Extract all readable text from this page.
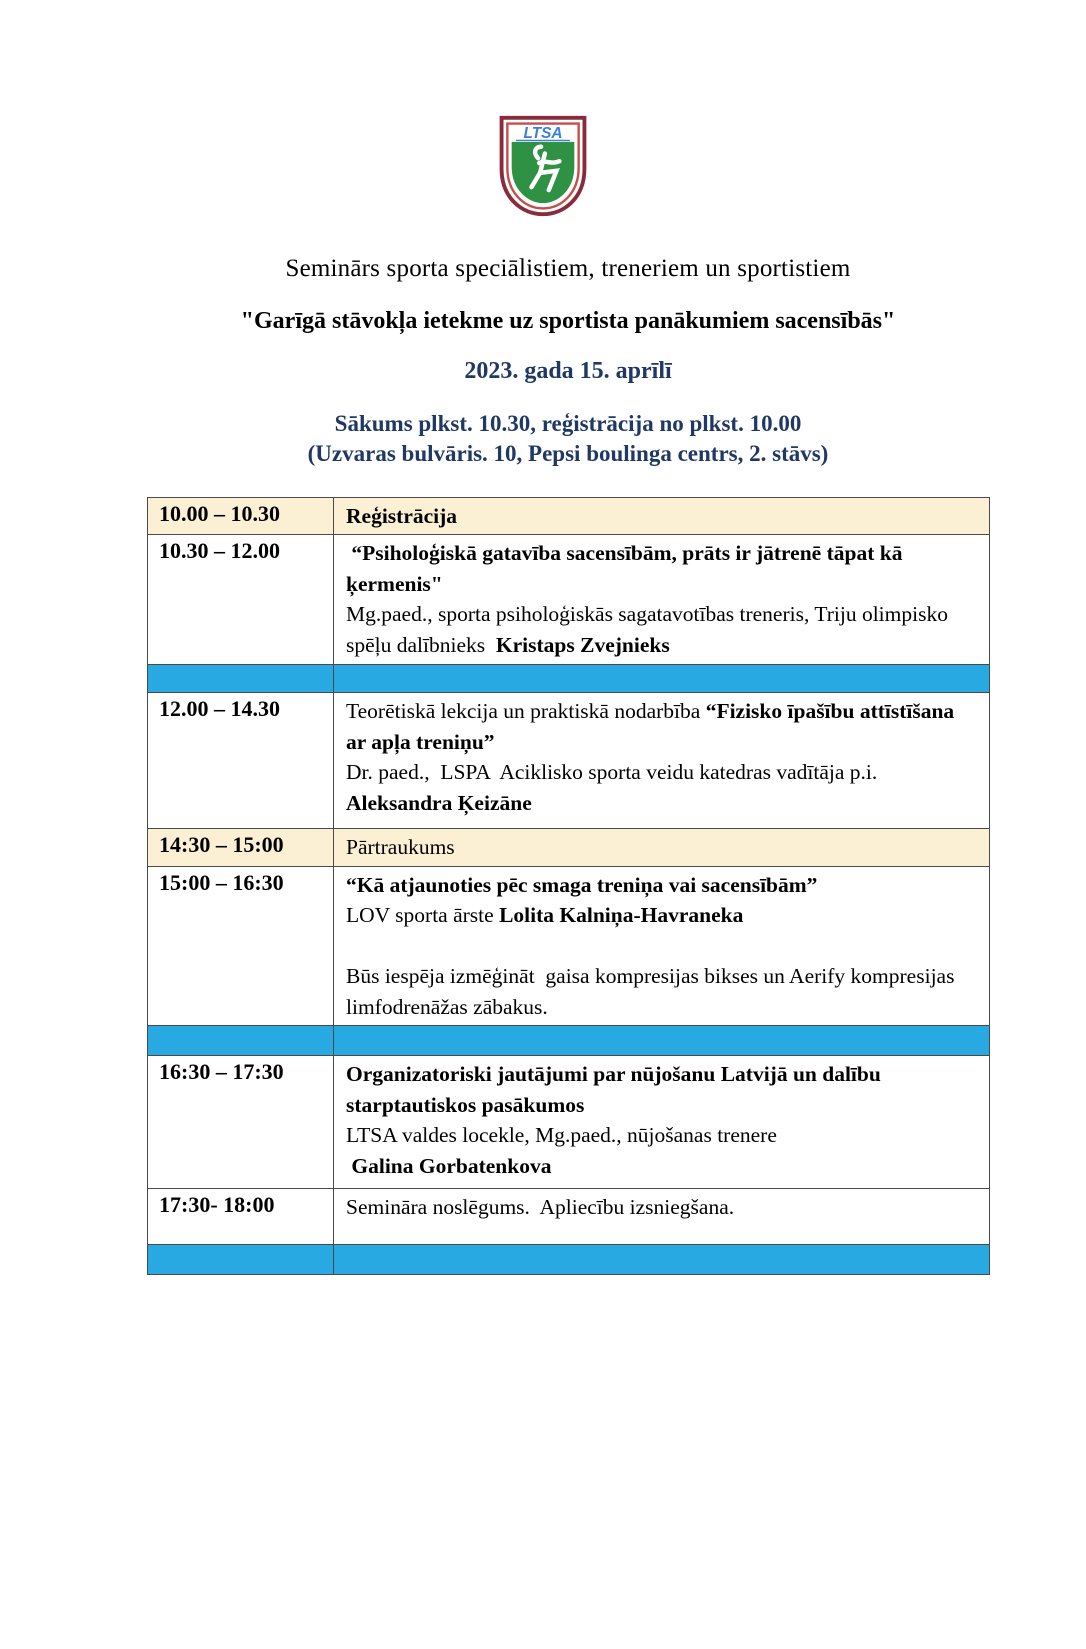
LTSA
Seminārs sporta speciālistiem, treneriem un sportistiem
"Garīgā stāvokļa ietekme uz sportista panākumiem sacensībās"
2023. gada 15. aprīlī
Sākums plkst. 10.30, reģistrācija no plkst. 10.00
(Uzvaras bulvāris. 10, Pepsi boulinga centrs, 2. stāvs)
10.00 – 10.30	Reģistrācija

10.30 – 12.00	“Psiholoģiskā gatavība sacensībām, prāts ir jātrenē tāpat kā ķermenis"

Mg.paed., sporta psiholoģiskās sagatavotības treneris, Triju olimpisko spēļu dalībnieks  Kristaps Zvejnieks

12.00 – 14.30	Teorētiskā lekcija un praktiskā nodarbība “Fizisko īpašību attīstīšana ar apļa treniņu”

Dr. paed.,  LSPA  Aciklisko sporta veidu katedras vadītāja p.i.

Aleksandra Ķeizāne

14:30 – 15:00	Pārtraukums

15:00 – 16:30	“Kā atjaunoties pēc smaga treniņa vai sacensībām”

LOV sporta ārste Lolita Kalniņa-Havraneka

Būs iespēja izmēģināt  gaisa kompresijas bikses un Aerify kompresijas limfodrenāžas zābakus.

16:30 – 17:30	Organizatoriski jautājumi par nūjošanu Latvijā un dalību starptautiskos pasākumos

LTSA valdes locekle, Mg.paed., nūjošanas trenere

Galina Gorbatenkova

17:30- 18:00	Semināra noslēgums.  Apliecību izsniegšana.
